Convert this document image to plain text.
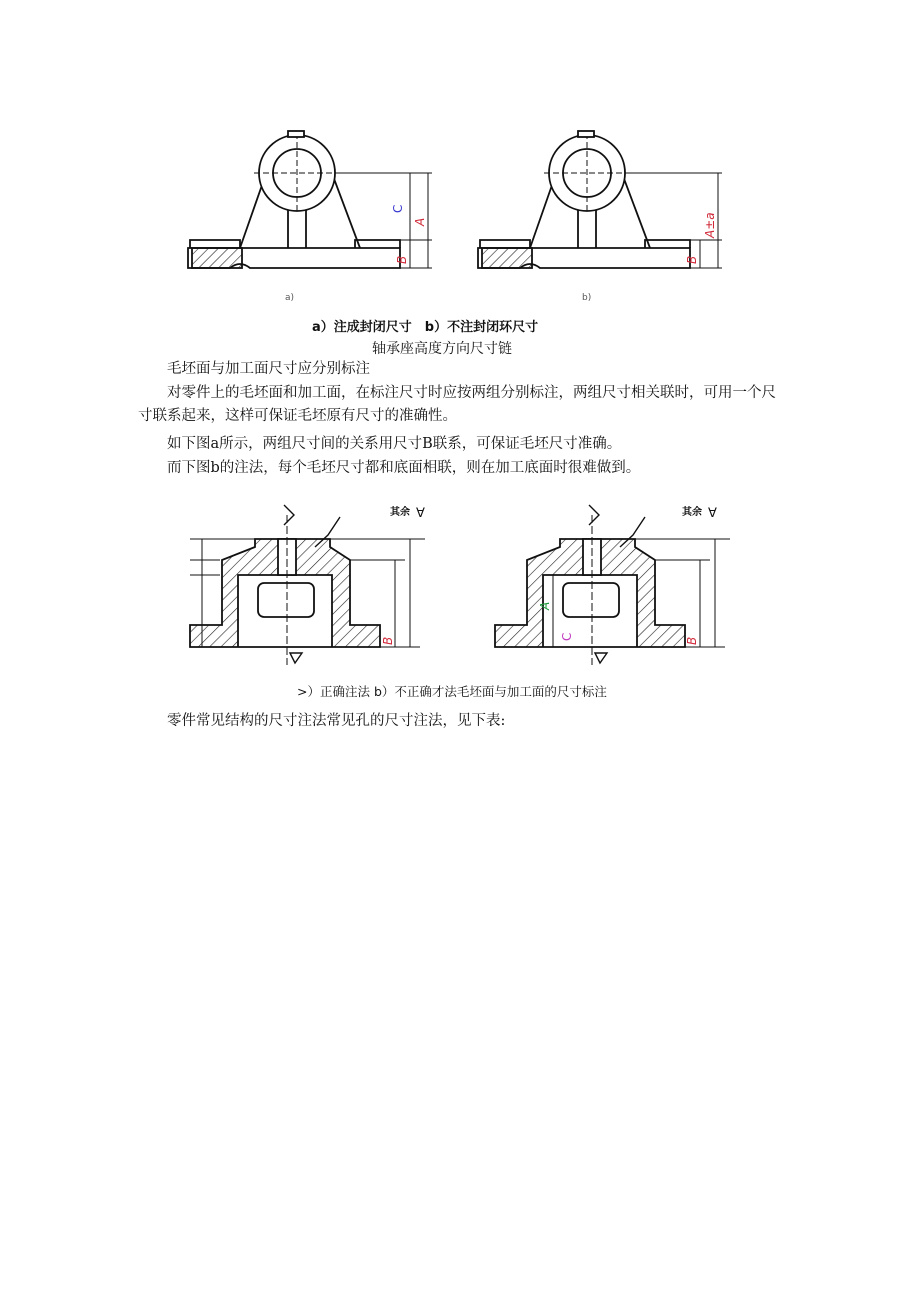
a)
C
A
B
b)
A±a
B
a）注成封闭尺寸　b）不注封闭环尺寸
轴承座高度方向尺寸链

毛坯面与加工面尺寸应分别标注

对零件上的毛坯面和加工面，在标注尺寸时应按两组分别标注，两组尺寸相关联时，可用一个尺寸联系起来，这样可保证毛坯原有尺寸的准确性。

如下图a所示，两组尺寸间的关系用尺寸B联系，可保证毛坯尺寸准确。

而下图b的注法，每个毛坯尺寸都和底面相联，则在加工底面时很难做到。

其余 ∀
B
其余 ∀
A
C	B
>）正确注法 b）不正确才法毛坯面与加工面的尺寸标注

零件常见结构的尺寸注法常见孔的尺寸注法，见下表:
